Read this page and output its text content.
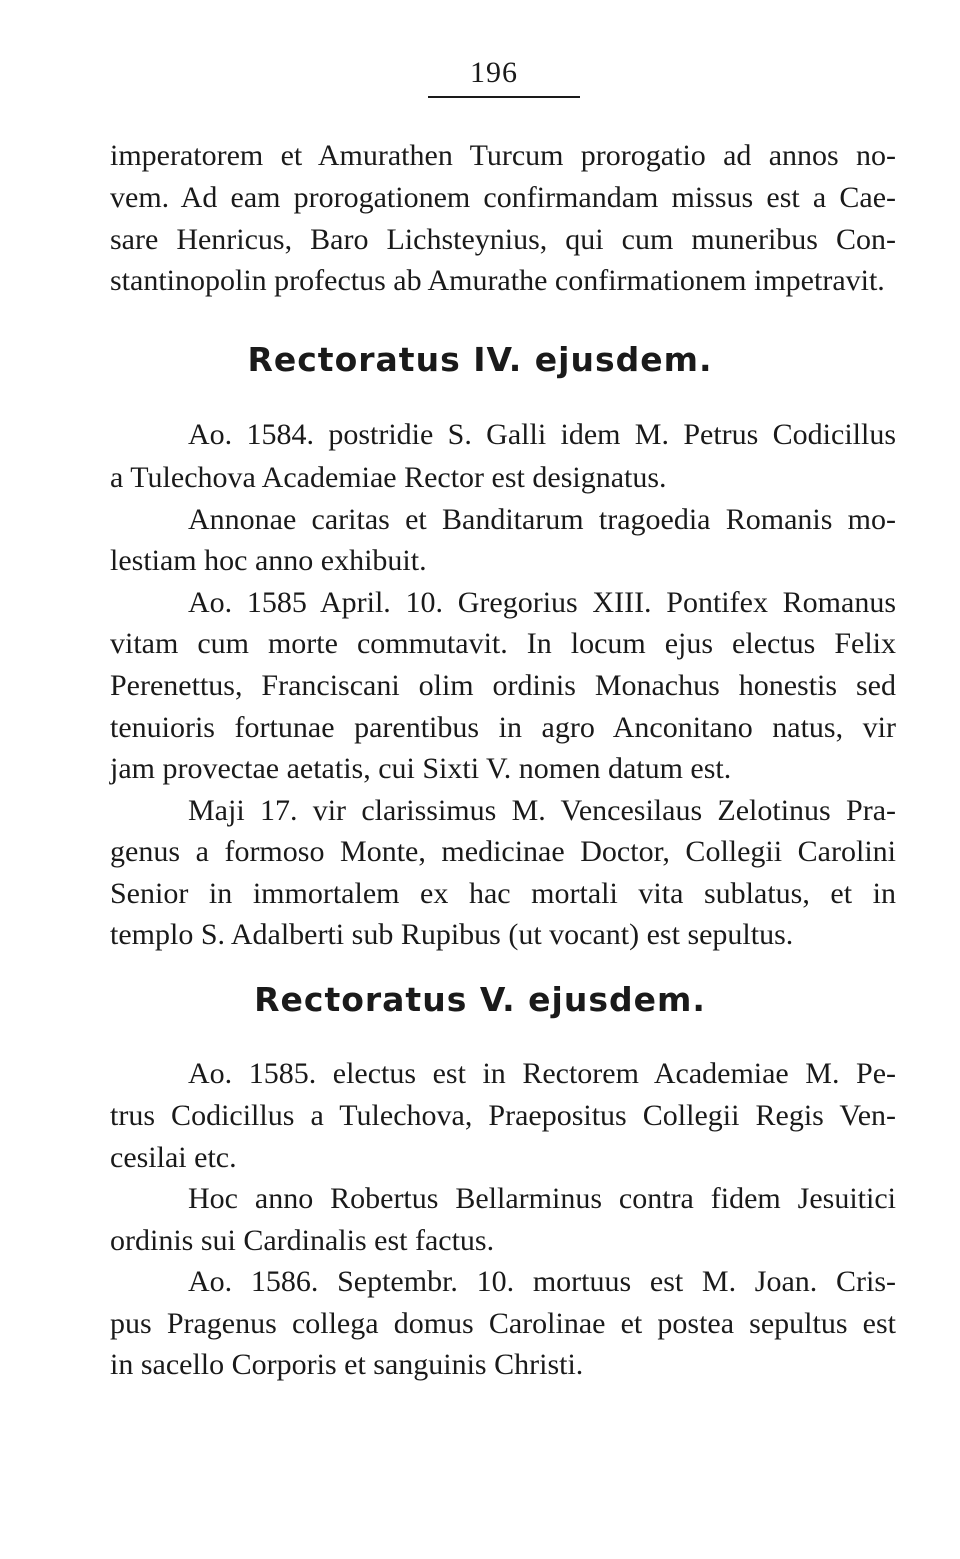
196
imperatorem et Amurathen Turcum prorogatio ad annos no-
vem. Ad eam prorogationem confirmandam missus est a Cae-
sare Henricus, Baro Lichsteynius, qui cum muneribus Con-
stantinopolin profectus ab Amurathe confirmationem impetravit.
Rectoratus IV. ejusdem.
Ao. 1584. postridie S. Galli idem M. Petrus Codicillus
a Tulechova Academiae Rector est designatus.
Annonae caritas et Banditarum tragoedia Romanis mo-
lestiam hoc anno exhibuit.
Ao. 1585 April. 10. Gregorius XIII. Pontifex Romanus
vitam cum morte commutavit. In locum ejus electus Felix
Perenettus, Franciscani olim ordinis Monachus honestis sed
tenuioris fortunae parentibus in agro Anconitano natus, vir
jam provectae aetatis, cui Sixti V. nomen datum est.
Maji 17. vir clarissimus M. Vencesilaus Zelotinus Pra-
genus a formoso Monte, medicinae Doctor, Collegii Carolini
Senior in immortalem ex hac mortali vita sublatus, et in
templo S. Adalberti sub Rupibus (ut vocant) est sepultus.
Rectoratus V. ejusdem.
Ao. 1585. electus est in Rectorem Academiae M. Pe-
trus Codicillus a Tulechova, Praepositus Collegii Regis Ven-
cesilai etc.
Hoc anno Robertus Bellarminus contra fidem Jesuitici
ordinis sui Cardinalis est factus.
Ao. 1586. Septembr. 10. mortuus est M. Joan. Cris-
pus Pragenus collega domus Carolinae et postea sepultus est
in sacello Corporis et sanguinis Christi.
